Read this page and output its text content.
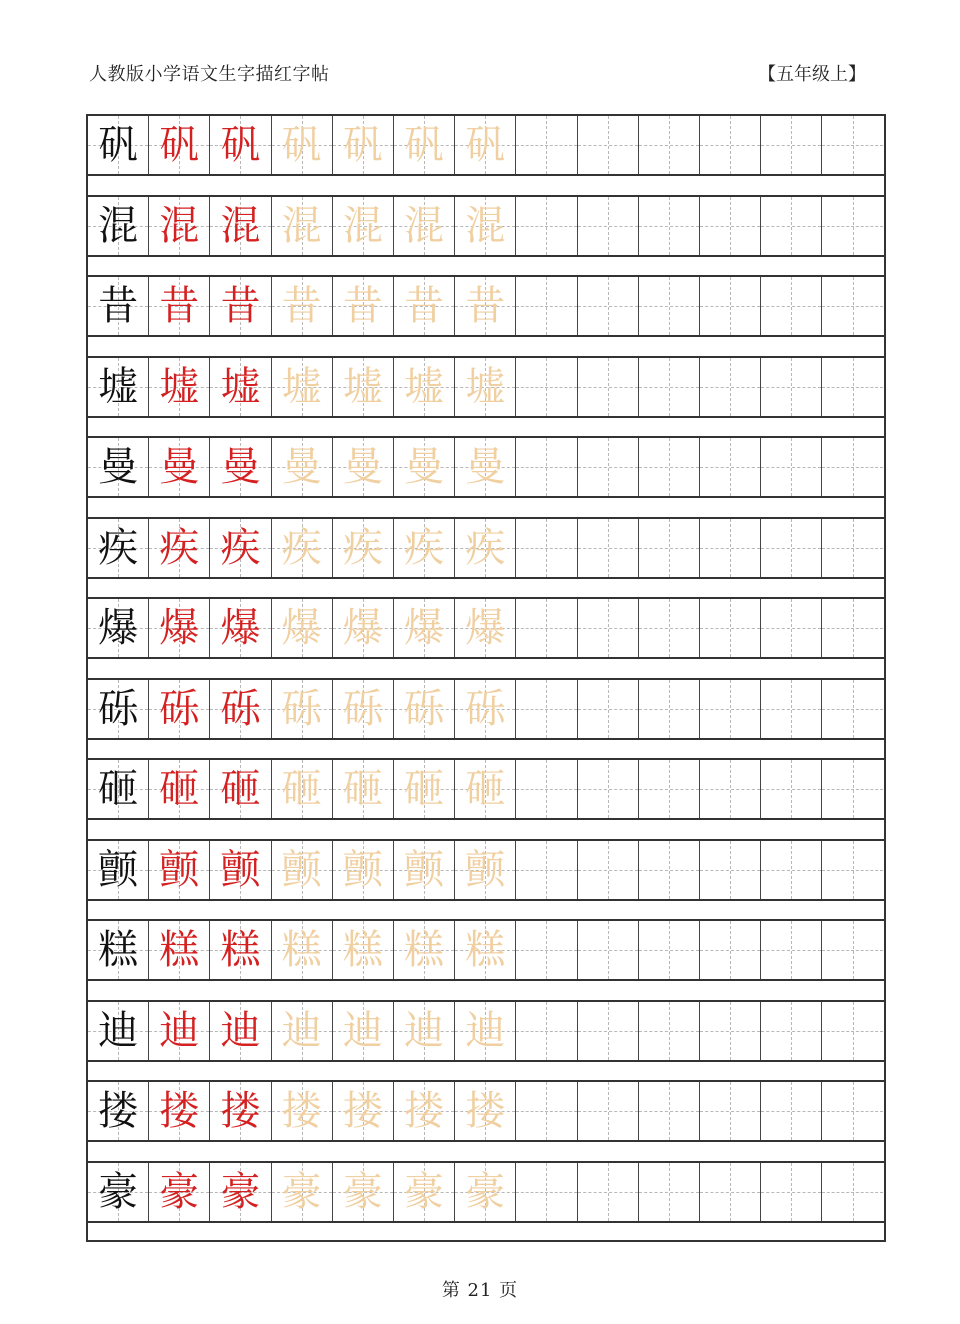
人教版小学语文生字描红字帖	【五年级上】
矾 矾 矾 矾 矾 矾 矾
混 混 混 混 混 混 混
昔 昔 昔 昔 昔 昔 昔
墟 墟 墟 墟 墟 墟 墟
曼 曼 曼 曼 曼 曼 曼
疾 疾 疾 疾 疾 疾 疾
爆 爆 爆 爆 爆 爆 爆
砾 砾 砾 砾 砾 砾 砾
砸 砸 砸 砸 砸 砸 砸
颤 颤 颤 颤 颤 颤 颤
糕 糕 糕 糕 糕 糕 糕
迪 迪 迪 迪 迪 迪 迪
搂 搂 搂 搂 搂 搂 搂
豪 豪 豪 豪 豪 豪 豪
第 21 页
